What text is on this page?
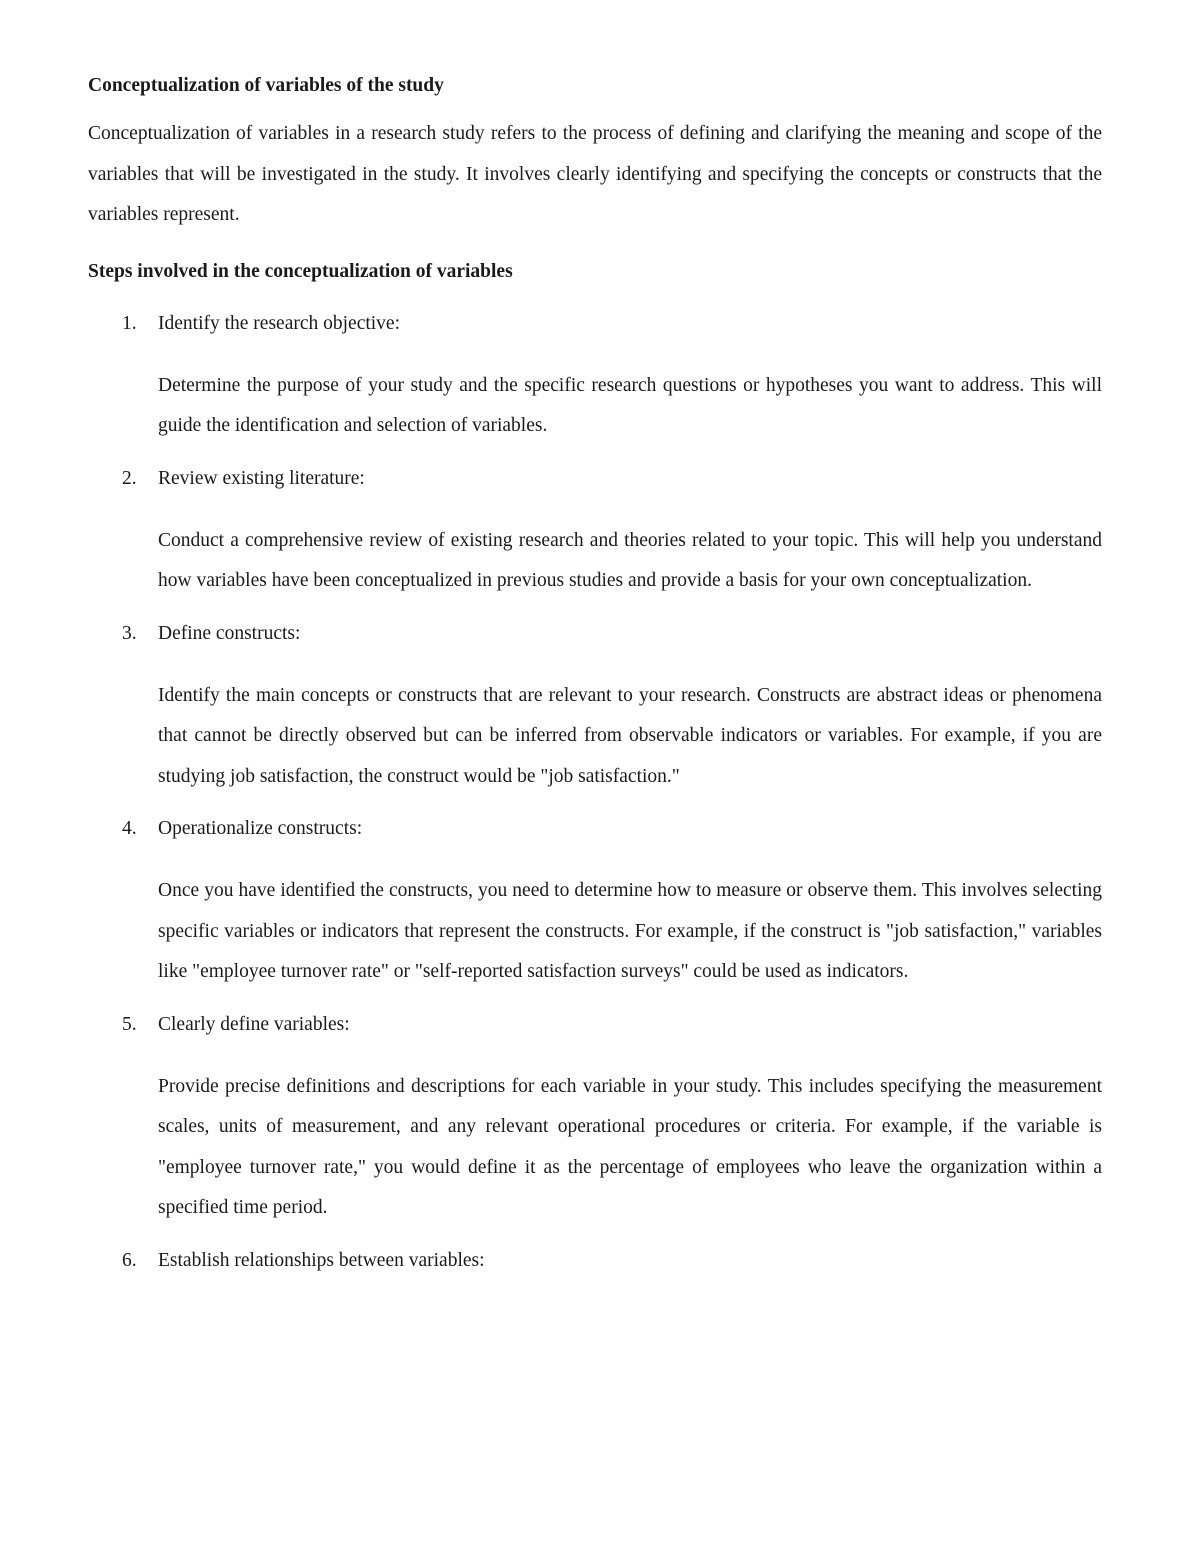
Conceptualization of variables of the study

Conceptualization of variables in a research study refers to the process of defining and clarifying the meaning and scope of the variables that will be investigated in the study. It involves clearly identifying and specifying the concepts or constructs that the variables represent.

Steps involved in the conceptualization of variables
1. Identify the research objective:

Determine the purpose of your study and the specific research questions or hypotheses you want to address. This will guide the identification and selection of variables.

2. Review existing literature:

Conduct a comprehensive review of existing research and theories related to your topic. This will help you understand how variables have been conceptualized in previous studies and provide a basis for your own conceptualization.

3. Define constructs:

Identify the main concepts or constructs that are relevant to your research. Constructs are abstract ideas or phenomena that cannot be directly observed but can be inferred from observable indicators or variables. For example, if you are studying job satisfaction, the construct would be "job satisfaction."

4. Operationalize constructs:

Once you have identified the constructs, you need to determine how to measure or observe them. This involves selecting specific variables or indicators that represent the constructs. For example, if the construct is "job satisfaction," variables like "employee turnover rate" or "self-reported satisfaction surveys" could be used as indicators.

5. Clearly define variables:

Provide precise definitions and descriptions for each variable in your study. This includes specifying the measurement scales, units of measurement, and any relevant operational procedures or criteria. For example, if the variable is "employee turnover rate," you would define it as the percentage of employees who leave the organization within a specified time period.

6. Establish relationships between variables:
